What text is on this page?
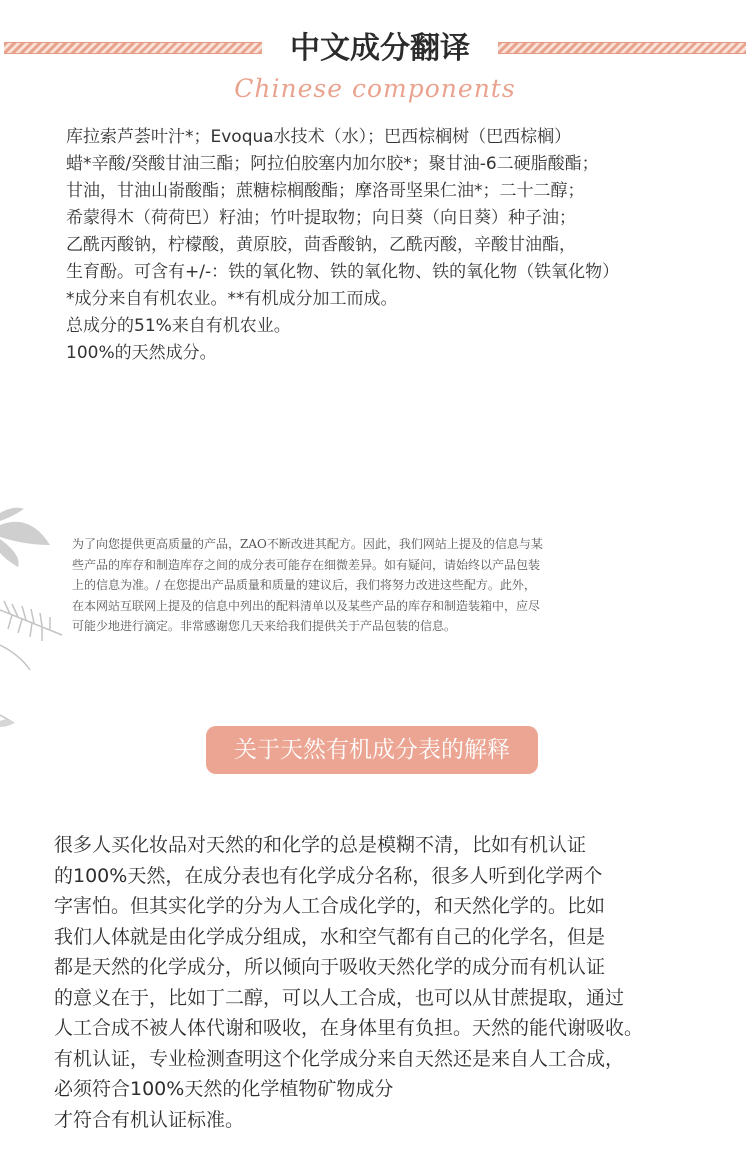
中文成分翻译
Chinese components
库拉索芦荟叶汁*；Evoqua水技术（水）；巴西棕榈树（巴西棕榈）
蜡*辛酸/癸酸甘油三酯；阿拉伯胶塞内加尔胶*；聚甘油-6二硬脂酸酯；
甘油，甘油山嵛酸酯；蔗糖棕榈酸酯；摩洛哥坚果仁油*；二十二醇；
希蒙得木（荷荷巴）籽油；竹叶提取物；向日葵（向日葵）种子油；
乙酰丙酸钠，柠檬酸，黄原胶，茴香酸钠，乙酰丙酸，辛酸甘油酯，
生育酚。可含有+/-：铁的氧化物、铁的氧化物、铁的氧化物（铁氧化物）
*成分来自有机农业。**有机成分加工而成。
总成分的51%来自有机农业。
100%的天然成分。
为了向您提供更高质量的产品，ZAO不断改进其配方。因此，我们网站上提及的信息与某
些产品的库存和制造库存之间的成分表可能存在细微差异。如有疑问，请始终以产品包装
上的信息为准。/ 在您提出产品质量和质量的建议后，我们将努力改进这些配方。此外，
在本网站互联网上提及的信息中列出的配料清单以及某些产品的库存和制造装箱中，应尽
可能少地进行滴定。非常感谢您几天来给我们提供关于产品包装的信息。
关于天然有机成分表的解释
很多人买化妆品对天然的和化学的总是模糊不清，比如有机认证
的100%天然，在成分表也有化学成分名称，很多人听到化学两个
字害怕。但其实化学的分为人工合成化学的，和天然化学的。比如
我们人体就是由化学成分组成，水和空气都有自己的化学名，但是
都是天然的化学成分，所以倾向于吸收天然化学的成分而有机认证
的意义在于，比如丁二醇，可以人工合成，也可以从甘蔗提取，通过
人工合成不被人体代谢和吸收，在身体里有负担。天然的能代谢吸收。
有机认证，专业检测查明这个化学成分来自天然还是来自人工合成，
必须符合100%天然的化学植物矿物成分
才符合有机认证标准。
